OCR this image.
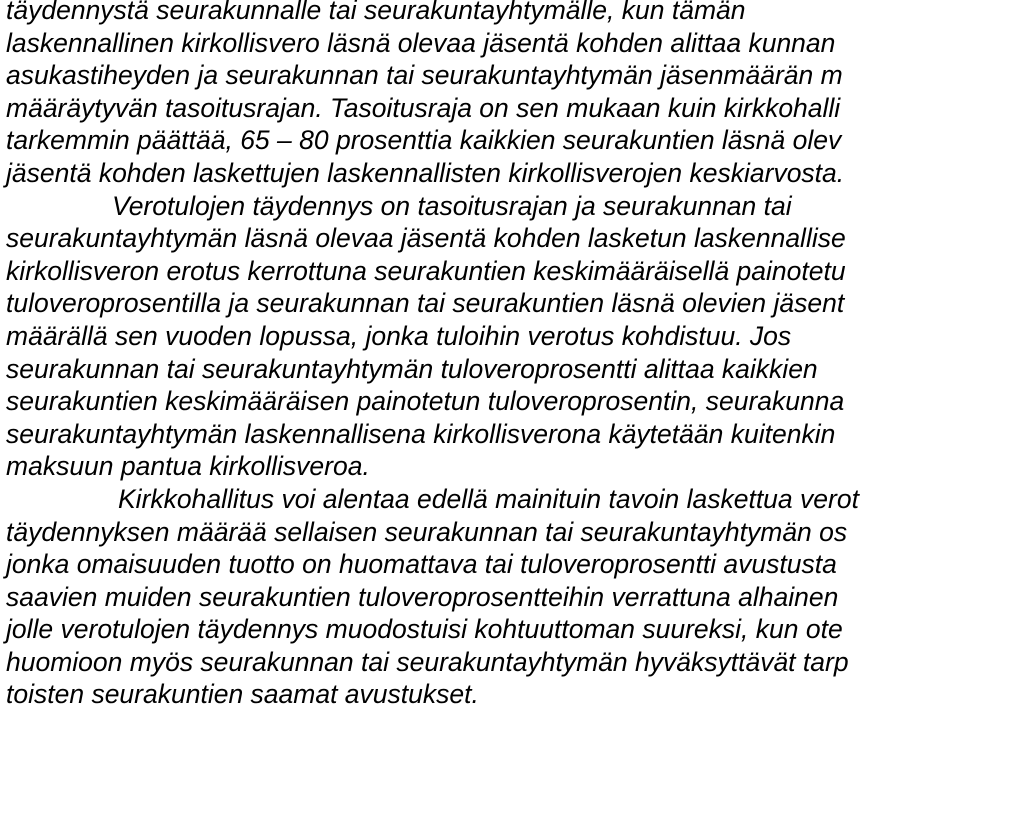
täydennystä seurakunnalle tai seurakuntayhtymälle, kun tämän
laskennallinen kirkollisvero läsnä olevaa jäsentä kohden alittaa kunnan
asukastiheyden ja seurakunnan tai seurakuntayhtymän jäsenmäärän m
määräytyvän tasoitusrajan. Tasoitusraja on sen mukaan kuin kirkkohalli
tarkemmin päättää, 65 – 80 prosenttia kaikkien seurakuntien läsnä olev
jäsentä kohden laskettujen laskennallisten kirkollisverojen keskiarvosta.
Verotulojen täydennys on tasoitusrajan ja seurakunnan tai
seurakuntayhtymän läsnä olevaa jäsentä kohden lasketun laskennallise
kirkollisveron erotus kerrottuna seurakuntien keskimääräisellä painotetu
tuloveroprosentilla ja seurakunnan tai seurakuntien läsnä olevien jäsent
määrällä sen vuoden lopussa, jonka tuloihin verotus kohdistuu. Jos
seurakunnan tai seurakuntayhtymän tuloveroprosentti alittaa kaikkien
seurakuntien keskimääräisen painotetun tuloveroprosentin, seurakunna
seurakuntayhtymän laskennallisena kirkollisverona käytetään kuitenkin
maksuun pantua kirkollisveroa.
Kirkkohallitus voi alentaa edellä mainituin tavoin laskettua verot
täydennyksen määrää sellaisen seurakunnan tai seurakuntayhtymän os
jonka omaisuuden tuotto on huomattava tai tuloveroprosentti avustusta
saavien muiden seurakuntien tuloveroprosentteihin verrattuna alhainen
jolle verotulojen täydennys muodostuisi kohtuuttoman suureksi, kun ote
huomioon myös seurakunnan tai seurakuntayhtymän hyväksyttävät tarp
toisten seurakuntien saamat avustukset.
